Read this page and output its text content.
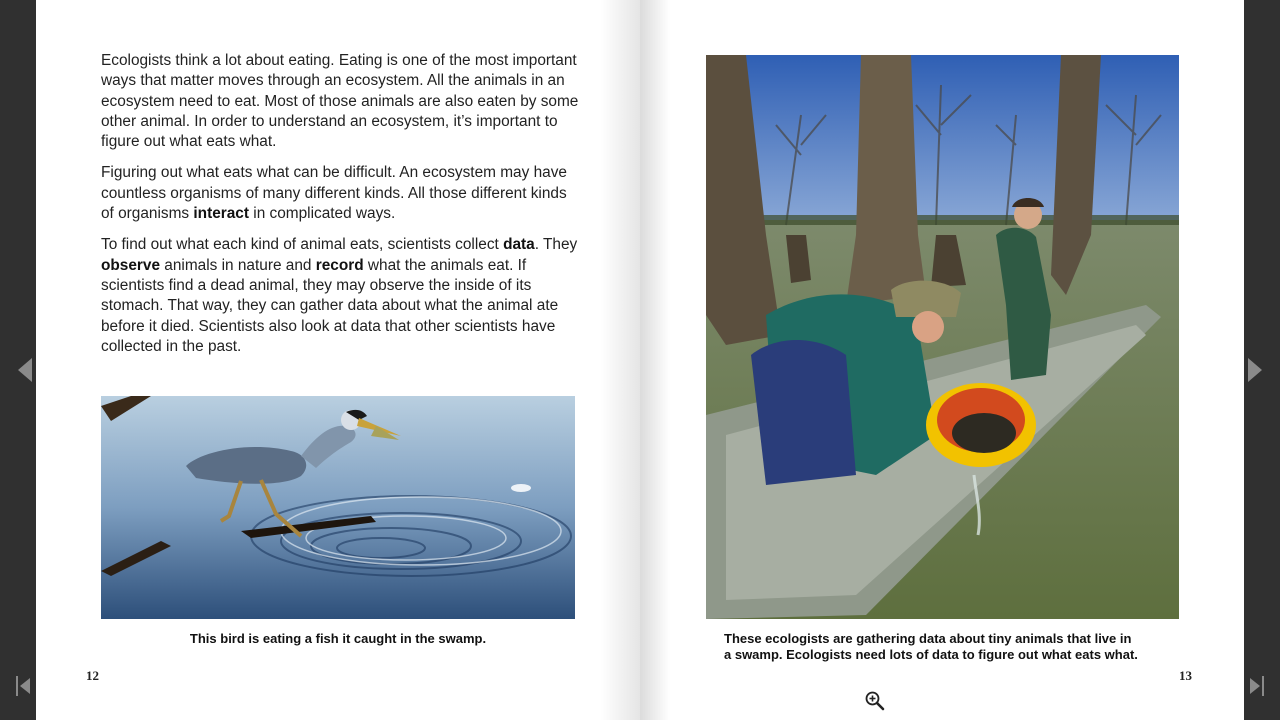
Ecologists think a lot about eating. Eating is one of the most important ways that matter moves through an ecosystem. All the animals in an ecosystem need to eat. Most of those animals are also eaten by some other animal. In order to understand an ecosystem, it’s important to figure out what eats what.

Figuring out what eats what can be difficult. An ecosystem may have countless organisms of many different kinds. All those different kinds of organisms interact in complicated ways.

To find out what each kind of animal eats, scientists collect data. They observe animals in nature and record what the animals eat. If scientists find a dead animal, they may observe the inside of its stomach. That way, they can gather data about what the animal ate before it died. Scientists also look at data that other scientists have collected in the past.

This bird is eating a fish it caught in the swamp.
12
These ecologists are gathering data about tiny animals that live in
a swamp. Ecologists need lots of data to figure out what eats what.
13
